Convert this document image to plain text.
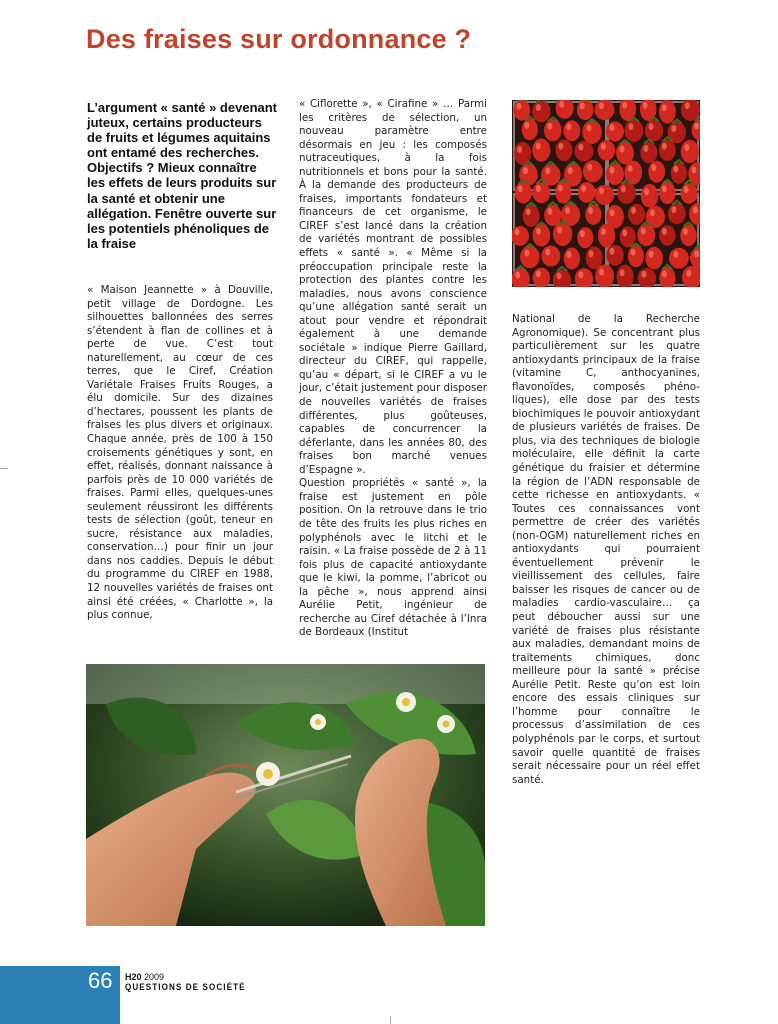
Des fraises sur ordonnance ?

L’argument « santé » devenant juteux, certains producteurs de fruits et légumes aquitains ont entamé des recherches. Objectifs ? Mieux connaître les effets de leurs produits sur la santé et obtenir une allégation. Fenêtre ouverte sur les potentiels phénoliques de la fraise

« Maison Jeannette » à Douville, petit village de Dordogne. Les silhouettes ballonnées des serres s’étendent à flan de collines et à perte de vue. C’est tout naturellement, au cœur de ces terres, que le Ciref, Création Variétale Fraises Fruits Rouges, a élu domicile. Sur des dizaines d’hectares, poussent les plants de fraises les plus divers et originaux. Chaque année, près de 100 à 150 croisements génétiques y sont, en effet, réalisés, donnant naissance à parfois près de 10 000 variétés de fraises. Parmi elles, quelques-unes seulement réussiront les différents tests de sélection (goût, teneur en sucre, résistance aux maladies, conservation…) pour finir un jour dans nos caddies. Depuis le début du programme du CIREF en 1988, 12 nouvelles variétés de fraises ont ainsi été créées, « Charlotte », la plus connue,

« Ciflorette », « Cirafine » … Parmi les critères de sélection, un nouveau paramètre entre désormais en jeu : les composés nutraceutiques, à la fois nutritionnels et bons pour la santé. À la demande des producteurs de fraises, importants fondateurs et financeurs de cet organisme, le CIREF s’est lancé dans la création de variétés montrant de possibles effets « santé ». « Même si la préoccupation principale reste la protection des plantes contre les maladies, nous avons conscience qu’une allégation santé serait un atout pour vendre et répondrait également à une demande sociétale » indique Pierre Gaillard, directeur du CIREF, qui rappelle, qu’au « départ, si le CIREF a vu le jour, c’était justement pour disposer de nouvelles variétés de fraises différentes, plus goûteuses, capables de concurrencer la déferlante, dans les années 80, des fraises bon marché venues d’Espagne ».

Question propriétés « santé », la fraise est justement en pôle position. On la retrouve dans le trio de tête des fruits les plus riches en polyphénols avec le litchi et le raisin. « La fraise possède de 2 à 11 fois plus de capacité antioxydante que le kiwi, la pomme, l’abricot ou la pêche », nous apprend ainsi Aurélie Petit, ingénieur de recherche au Ciref détachée à l’Inra de Bordeaux (Institut

National de la Recherche Agronomique). Se concentrant plus particulièrement sur les quatre antioxydants principaux de la fraise (vitamine C, anthocyanines, flavonoïdes, composés phéno-liques), elle dose par des tests biochimiques le pouvoir antioxydant de plusieurs variétés de fraises. De plus, via des techniques de biologie moléculaire, elle définit la carte génétique du fraisier et détermine la région de l’ADN responsable de cette richesse en antioxydants. « Toutes ces connaissances vont permettre de créer des variétés (non-OGM) naturellement riches en antioxydants qui pourraient éventuellement prévenir le vieillissement des cellules, faire baisser les risques de cancer ou de maladies cardio-vasculaire… ça peut déboucher aussi sur une variété de fraises plus résistante aux maladies, demandant moins de traitements chimiques, donc meilleure pour la santé » précise Aurélie Petit. Reste qu’on est loin encore des essais cliniques sur l’homme pour connaître le processus d’assimilation de ces polyphénols par le corps, et surtout savoir quelle quantité de fraises serait nécessaire pour un réel effet santé.

66 H20 2009

QUESTIONS DE SOCIÉTÉ
